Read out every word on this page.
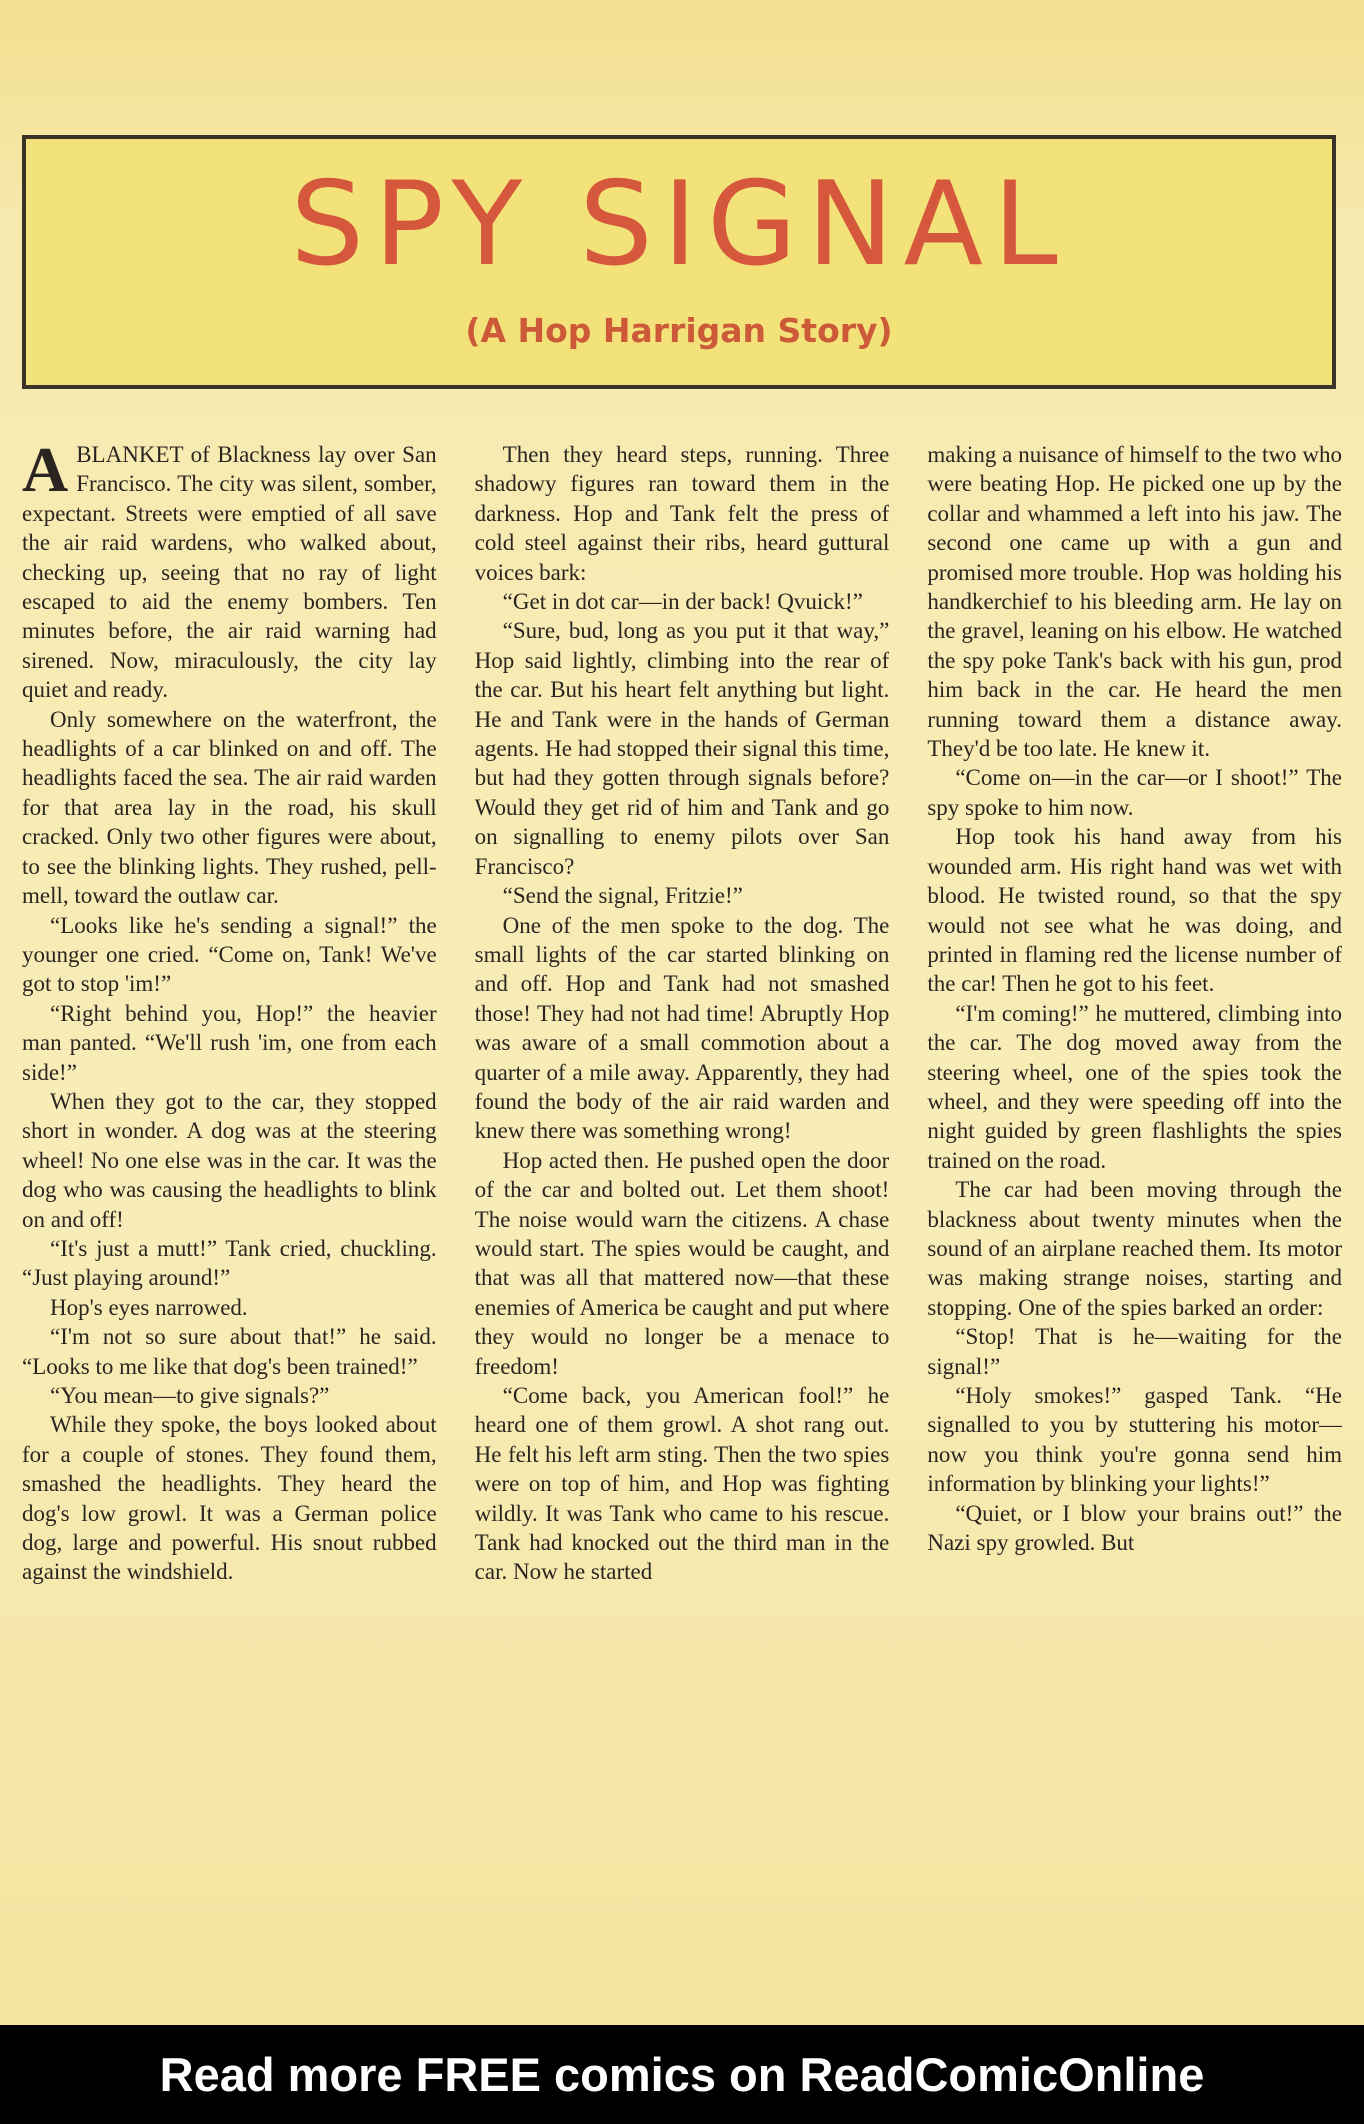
SPY SIGNAL
(A Hop Harrigan Story)

ABLANKET of Blackness lay over San Francisco. The city was silent, somber, expectant. Streets were emptied of all save the air raid wardens, who walked about, checking up, seeing that no ray of light escaped to aid the enemy bombers. Ten minutes before, the air raid warning had sirened. Now, miraculously, the city lay quiet and ready.

Only somewhere on the waterfront, the headlights of a car blinked on and off. The headlights faced the sea. The air raid warden for that area lay in the road, his skull cracked. Only two other figures were about, to see the blinking lights. They rushed, pell-mell, toward the outlaw car.

“Looks like he's sending a signal!” the younger one cried. “Come on, Tank! We've got to stop 'im!”

“Right behind you, Hop!” the heavier man panted. “We'll rush 'im, one from each side!”

When they got to the car, they stopped short in wonder. A dog was at the steering wheel! No one else was in the car. It was the dog who was causing the headlights to blink on and off!

“It's just a mutt!” Tank cried, chuckling. “Just playing around!”

Hop's eyes narrowed.

“I'm not so sure about that!” he said. “Looks to me like that dog's been trained!”

“You mean—to give signals?”

While they spoke, the boys looked about for a couple of stones. They found them, smashed the headlights. They heard the dog's low growl. It was a German police dog, large and powerful. His snout rubbed against the windshield.

Then they heard steps, running. Three shadowy figures ran toward them in the darkness. Hop and Tank felt the press of cold steel against their ribs, heard guttural voices bark:

“Get in dot car—in der back! Qvuick!”

“Sure, bud, long as you put it that way,” Hop said lightly, climbing into the rear of the car. But his heart felt anything but light. He and Tank were in the hands of German agents. He had stopped their signal this time, but had they gotten through signals before? Would they get rid of him and Tank and go on signalling to enemy pilots over San Francisco?

“Send the signal, Fritzie!”

One of the men spoke to the dog. The small lights of the car started blinking on and off. Hop and Tank had not smashed those! They had not had time! Abruptly Hop was aware of a small commotion about a quarter of a mile away. Apparently, they had found the body of the air raid warden and knew there was something wrong!

Hop acted then. He pushed open the door of the car and bolted out. Let them shoot! The noise would warn the citizens. A chase would start. The spies would be caught, and that was all that mattered now—that these enemies of America be caught and put where they would no longer be a menace to freedom!

“Come back, you American fool!” he heard one of them growl. A shot rang out. He felt his left arm sting. Then the two spies were on top of him, and Hop was fighting wildly. It was Tank who came to his rescue. Tank had knocked out the third man in the car. Now he started

making a nuisance of himself to the two who were beating Hop. He picked one up by the collar and whammed a left into his jaw. The second one came up with a gun and promised more trouble. Hop was holding his handkerchief to his bleeding arm. He lay on the gravel, leaning on his elbow. He watched the spy poke Tank's back with his gun, prod him back in the car. He heard the men running toward them a distance away. They'd be too late. He knew it.

“Come on—in the car—or I shoot!” The spy spoke to him now.

Hop took his hand away from his wounded arm. His right hand was wet with blood. He twisted round, so that the spy would not see what he was doing, and printed in flaming red the license number of the car! Then he got to his feet.

“I'm coming!” he muttered, climbing into the car. The dog moved away from the steering wheel, one of the spies took the wheel, and they were speeding off into the night guided by green flashlights the spies trained on the road.

The car had been moving through the blackness about twenty minutes when the sound of an airplane reached them. Its motor was making strange noises, starting and stopping. One of the spies barked an order:

“Stop! That is he—waiting for the signal!”

“Holy smokes!” gasped Tank. “He signalled to you by stuttering his motor—now you think you're gonna send him information by blinking your lights!”

“Quiet, or I blow your brains out!” the Nazi spy growled. But

Read more FREE comics on ReadComicOnline
